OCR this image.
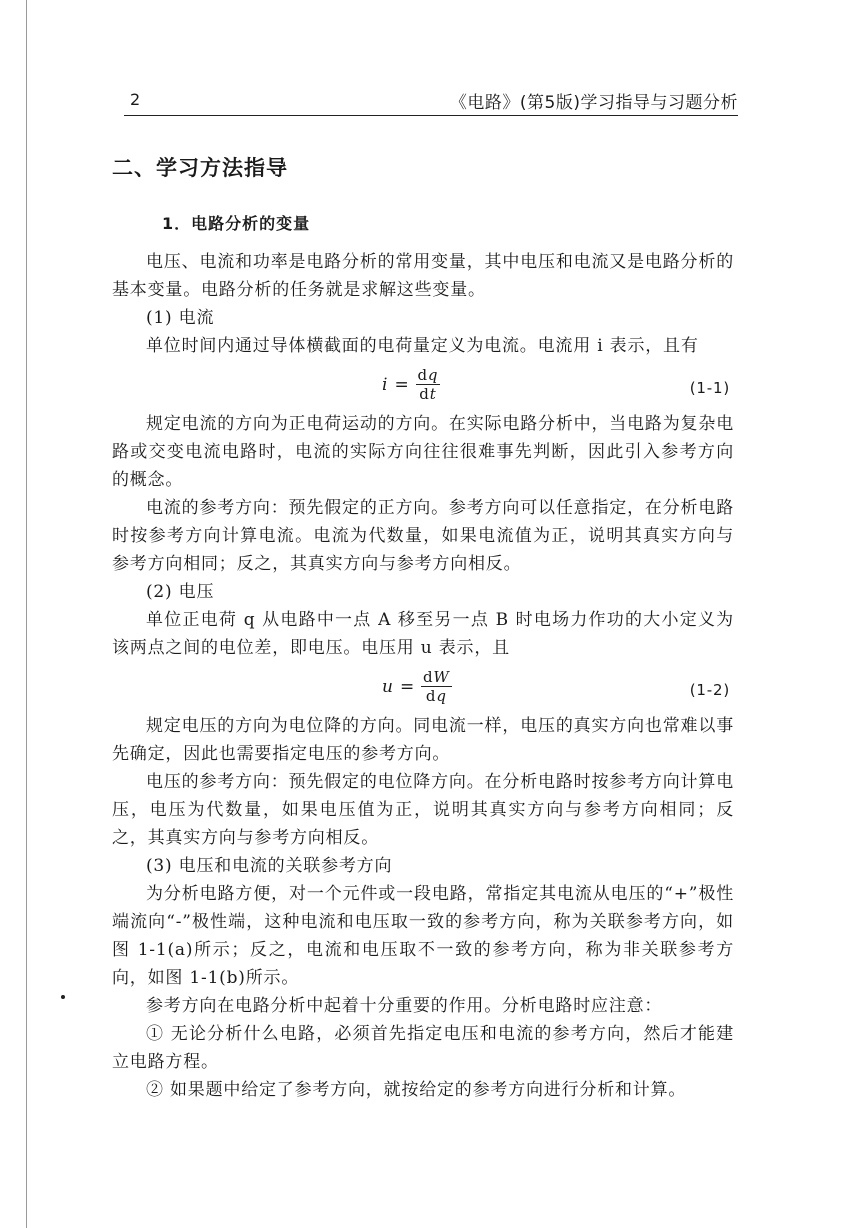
2	《电路》(第5版)学习指导与习题分析
二、学习方法指导
1．电路分析的变量

电压、电流和功率是电路分析的常用变量，其中电压和电流又是电路分析的基本变量。电路分析的任务就是求解这些变量。

(1) 电流

单位时间内通过导体横截面的电荷量定义为电流。电流用 i 表示，且有

$i = \frac{dq}{dt}$	(1-1)

规定电流的方向为正电荷运动的方向。在实际电路分析中，当电路为复杂电路或交变电流电路时，电流的实际方向往往很难事先判断，因此引入参考方向的概念。

电流的参考方向：预先假定的正方向。参考方向可以任意指定，在分析电路时按参考方向计算电流。电流为代数量，如果电流值为正，说明其真实方向与参考方向相同；反之，其真实方向与参考方向相反。

(2) 电压

单位正电荷 q 从电路中一点 A 移至另一点 B 时电场力作功的大小定义为该两点之间的电位差，即电压。电压用 u 表示，且

$u = \frac{dW}{dq}$	(1-2)

规定电压的方向为电位降的方向。同电流一样，电压的真实方向也常难以事先确定，因此也需要指定电压的参考方向。

电压的参考方向：预先假定的电位降方向。在分析电路时按参考方向计算电压，电压为代数量，如果电压值为正，说明其真实方向与参考方向相同；反之，其真实方向与参考方向相反。

(3) 电压和电流的关联参考方向

为分析电路方便，对一个元件或一段电路，常指定其电流从电压的“+”极性端流向“-”极性端，这种电流和电压取一致的参考方向，称为关联参考方向，如图 1-1(a)所示；反之，电流和电压取不一致的参考方向，称为非关联参考方向，如图 1-1(b)所示。

参考方向在电路分析中起着十分重要的作用。分析电路时应注意：

① 无论分析什么电路，必须首先指定电压和电流的参考方向，然后才能建立电路方程。

② 如果题中给定了参考方向，就按给定的参考方向进行分析和计算。
